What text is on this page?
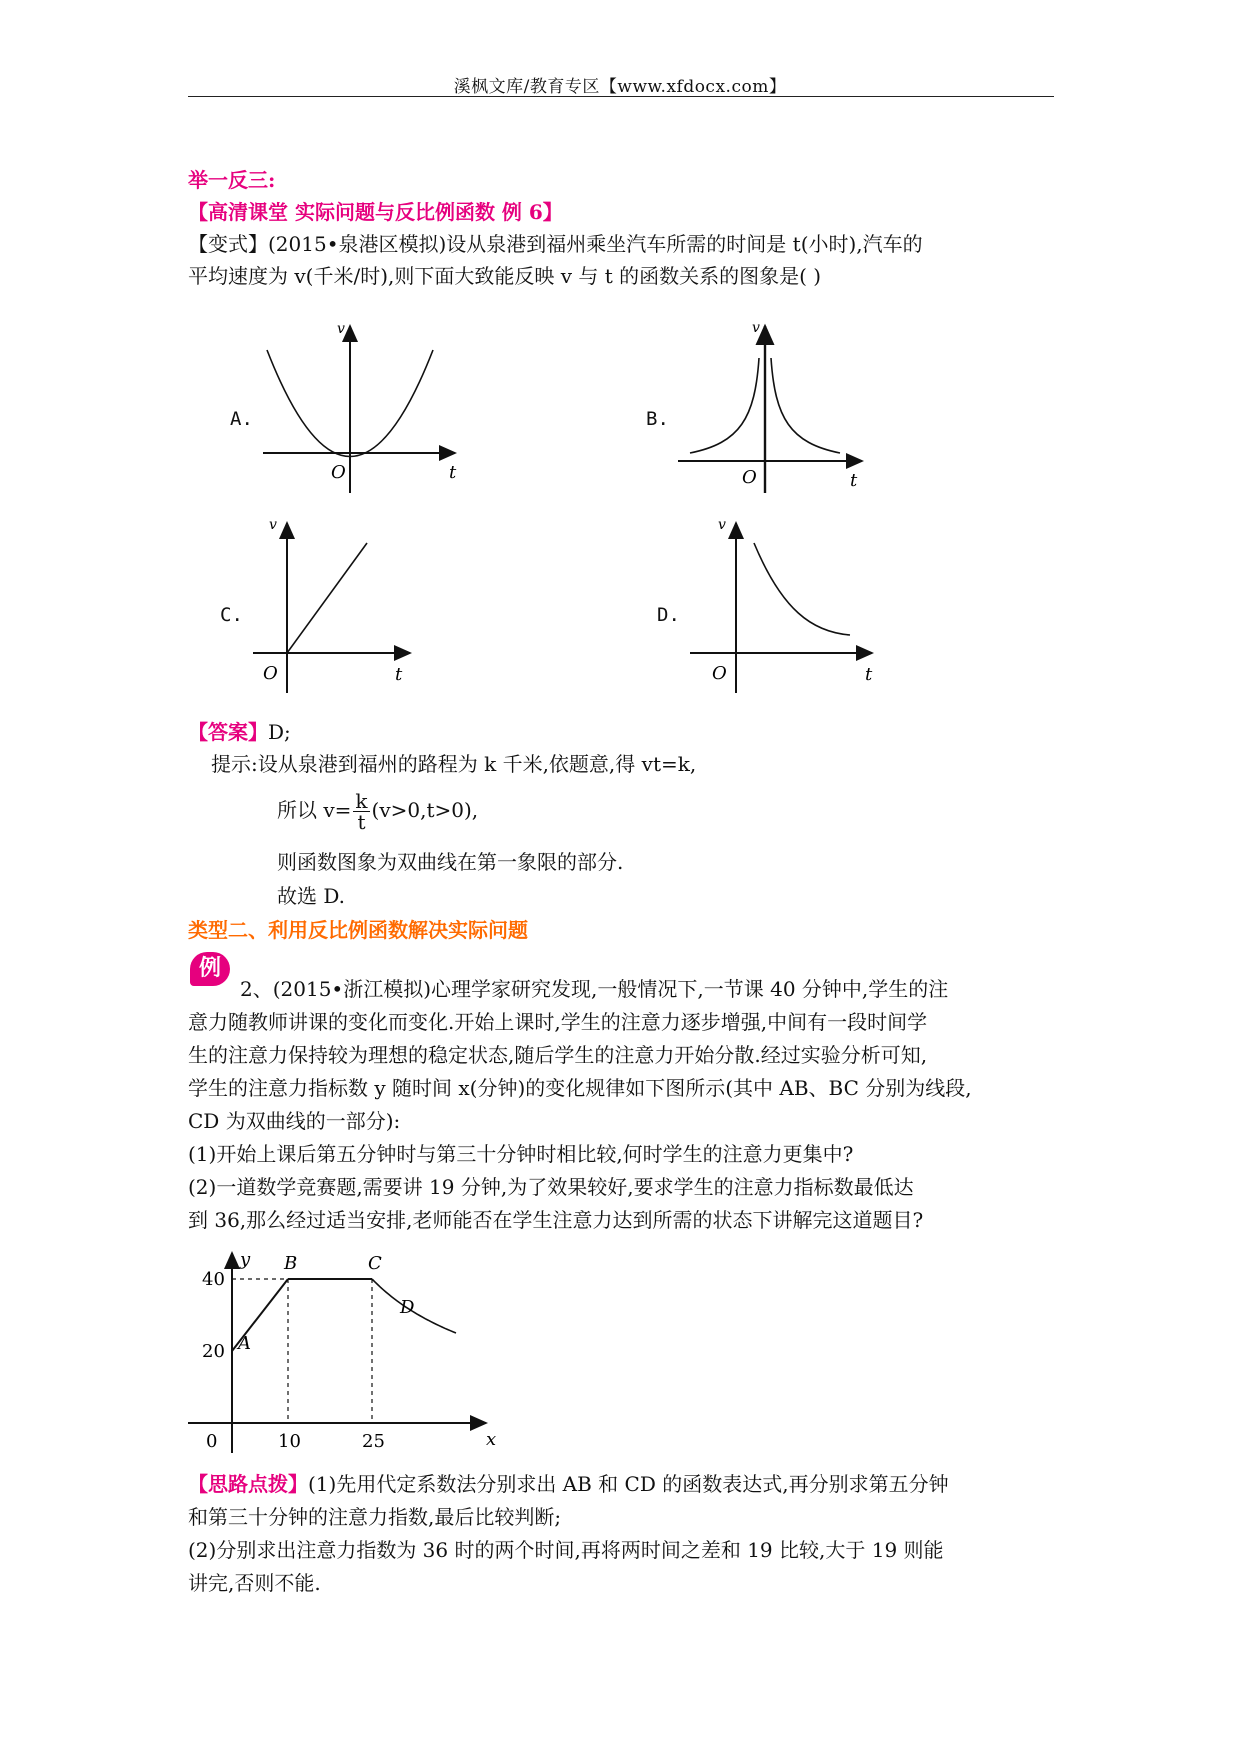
溪枫文库/教育专区【www.xfdocx.com】
举一反三:
【高清课堂 实际问题与反比例函数 例 6】
【变式】(2015•泉港区模拟)设从泉港到福州乘坐汽车所需的时间是 t(小时),汽车的
平均速度为 v(千米/时),则下面大致能反映 v 与 t 的函数关系的图象是( )
A.
v
t
O
B.
v
t
O
C.
v
t
O
D.
v
t
O
【答案】D;
提示:设从泉港到福州的路程为 k 千米,依题意,得 vt=k,
所以 $v= \frac{k}{t} (v>0,t>0)$,
则函数图象为双曲线在第一象限的部分.
故选 D.
类型二、利用反比例函数解决实际问题
例
2、(2015•浙江模拟)心理学家研究发现,一般情况下,一节课 40 分钟中,学生的注
意力随教师讲课的变化而变化.开始上课时,学生的注意力逐步增强,中间有一段时间学
生的注意力保持较为理想的稳定状态,随后学生的注意力开始分散.经过实验分析可知,
学生的注意力指标数 y 随时间 x(分钟)的变化规律如下图所示(其中 AB、BC 分别为线段,
CD 为双曲线的一部分):
(1)开始上课后第五分钟时与第三十分钟时相比较,何时学生的注意力更集中?
(2)一道数学竞赛题,需要讲 19 分钟,为了效果较好,要求学生的注意力指标数最低达
到 36,那么经过适当安排,老师能否在学生注意力达到所需的状态下讲解完这道题目?
y
x
0
20
40
10	25
A
B	C
D
【思路点拨】(1)先用代定系数法分别求出 AB 和 CD 的函数表达式,再分别求第五分钟
和第三十分钟的注意力指数,最后比较判断;
(2)分别求出注意力指数为 36 时的两个时间,再将两时间之差和 19 比较,大于 19 则能
讲完,否则不能.
